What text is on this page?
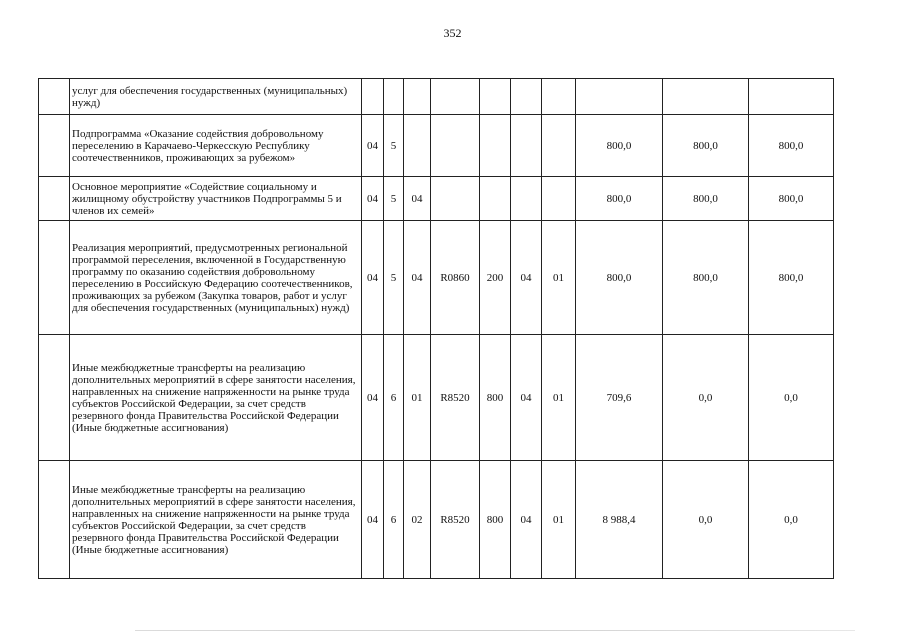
352
	услуг для обеспечения государственных (муниципальных) нужд)										
	Подпрограмма «Оказание содействия добровольному переселению в Карачаево-Черкесскую Республику соотечественников, проживающих за рубежом»	04	5						800,0	800,0	800,0
	Основное мероприятие «Содействие социальному и жилищному обустройству участников Подпрограммы 5 и членов их семей»	04	5	04					800,0	800,0	800,0
	Реализация мероприятий, предусмотренных региональной программой переселения, включенной в Государственную программу по оказанию содействия добровольному переселению в Российскую Федерацию соотечественников, проживающих за рубежом (Закупка товаров, работ и услуг для обеспечения государственных (муниципальных) нужд)	04	5	04	R0860	200	04	01	800,0	800,0	800,0
	Иные межбюджетные трансферты на реализацию дополнительных мероприятий в сфере занятости населения, направленных на снижение напряженности на рынке труда субъектов Российской Федерации, за счет средств резервного фонда Правительства Российской Федерации (Иные бюджетные ассигнования)	04	6	01	R8520	800	04	01	709,6	0,0	0,0
	Иные межбюджетные трансферты на реализацию дополнительных мероприятий в сфере занятости населения, направленных на снижение напряженности на рынке труда субъектов Российской Федерации, за счет средств резервного фонда Правительства Российской Федерации (Иные бюджетные ассигнования)	04	6	02	R8520	800	04	01	8 988,4	0,0	0,0
